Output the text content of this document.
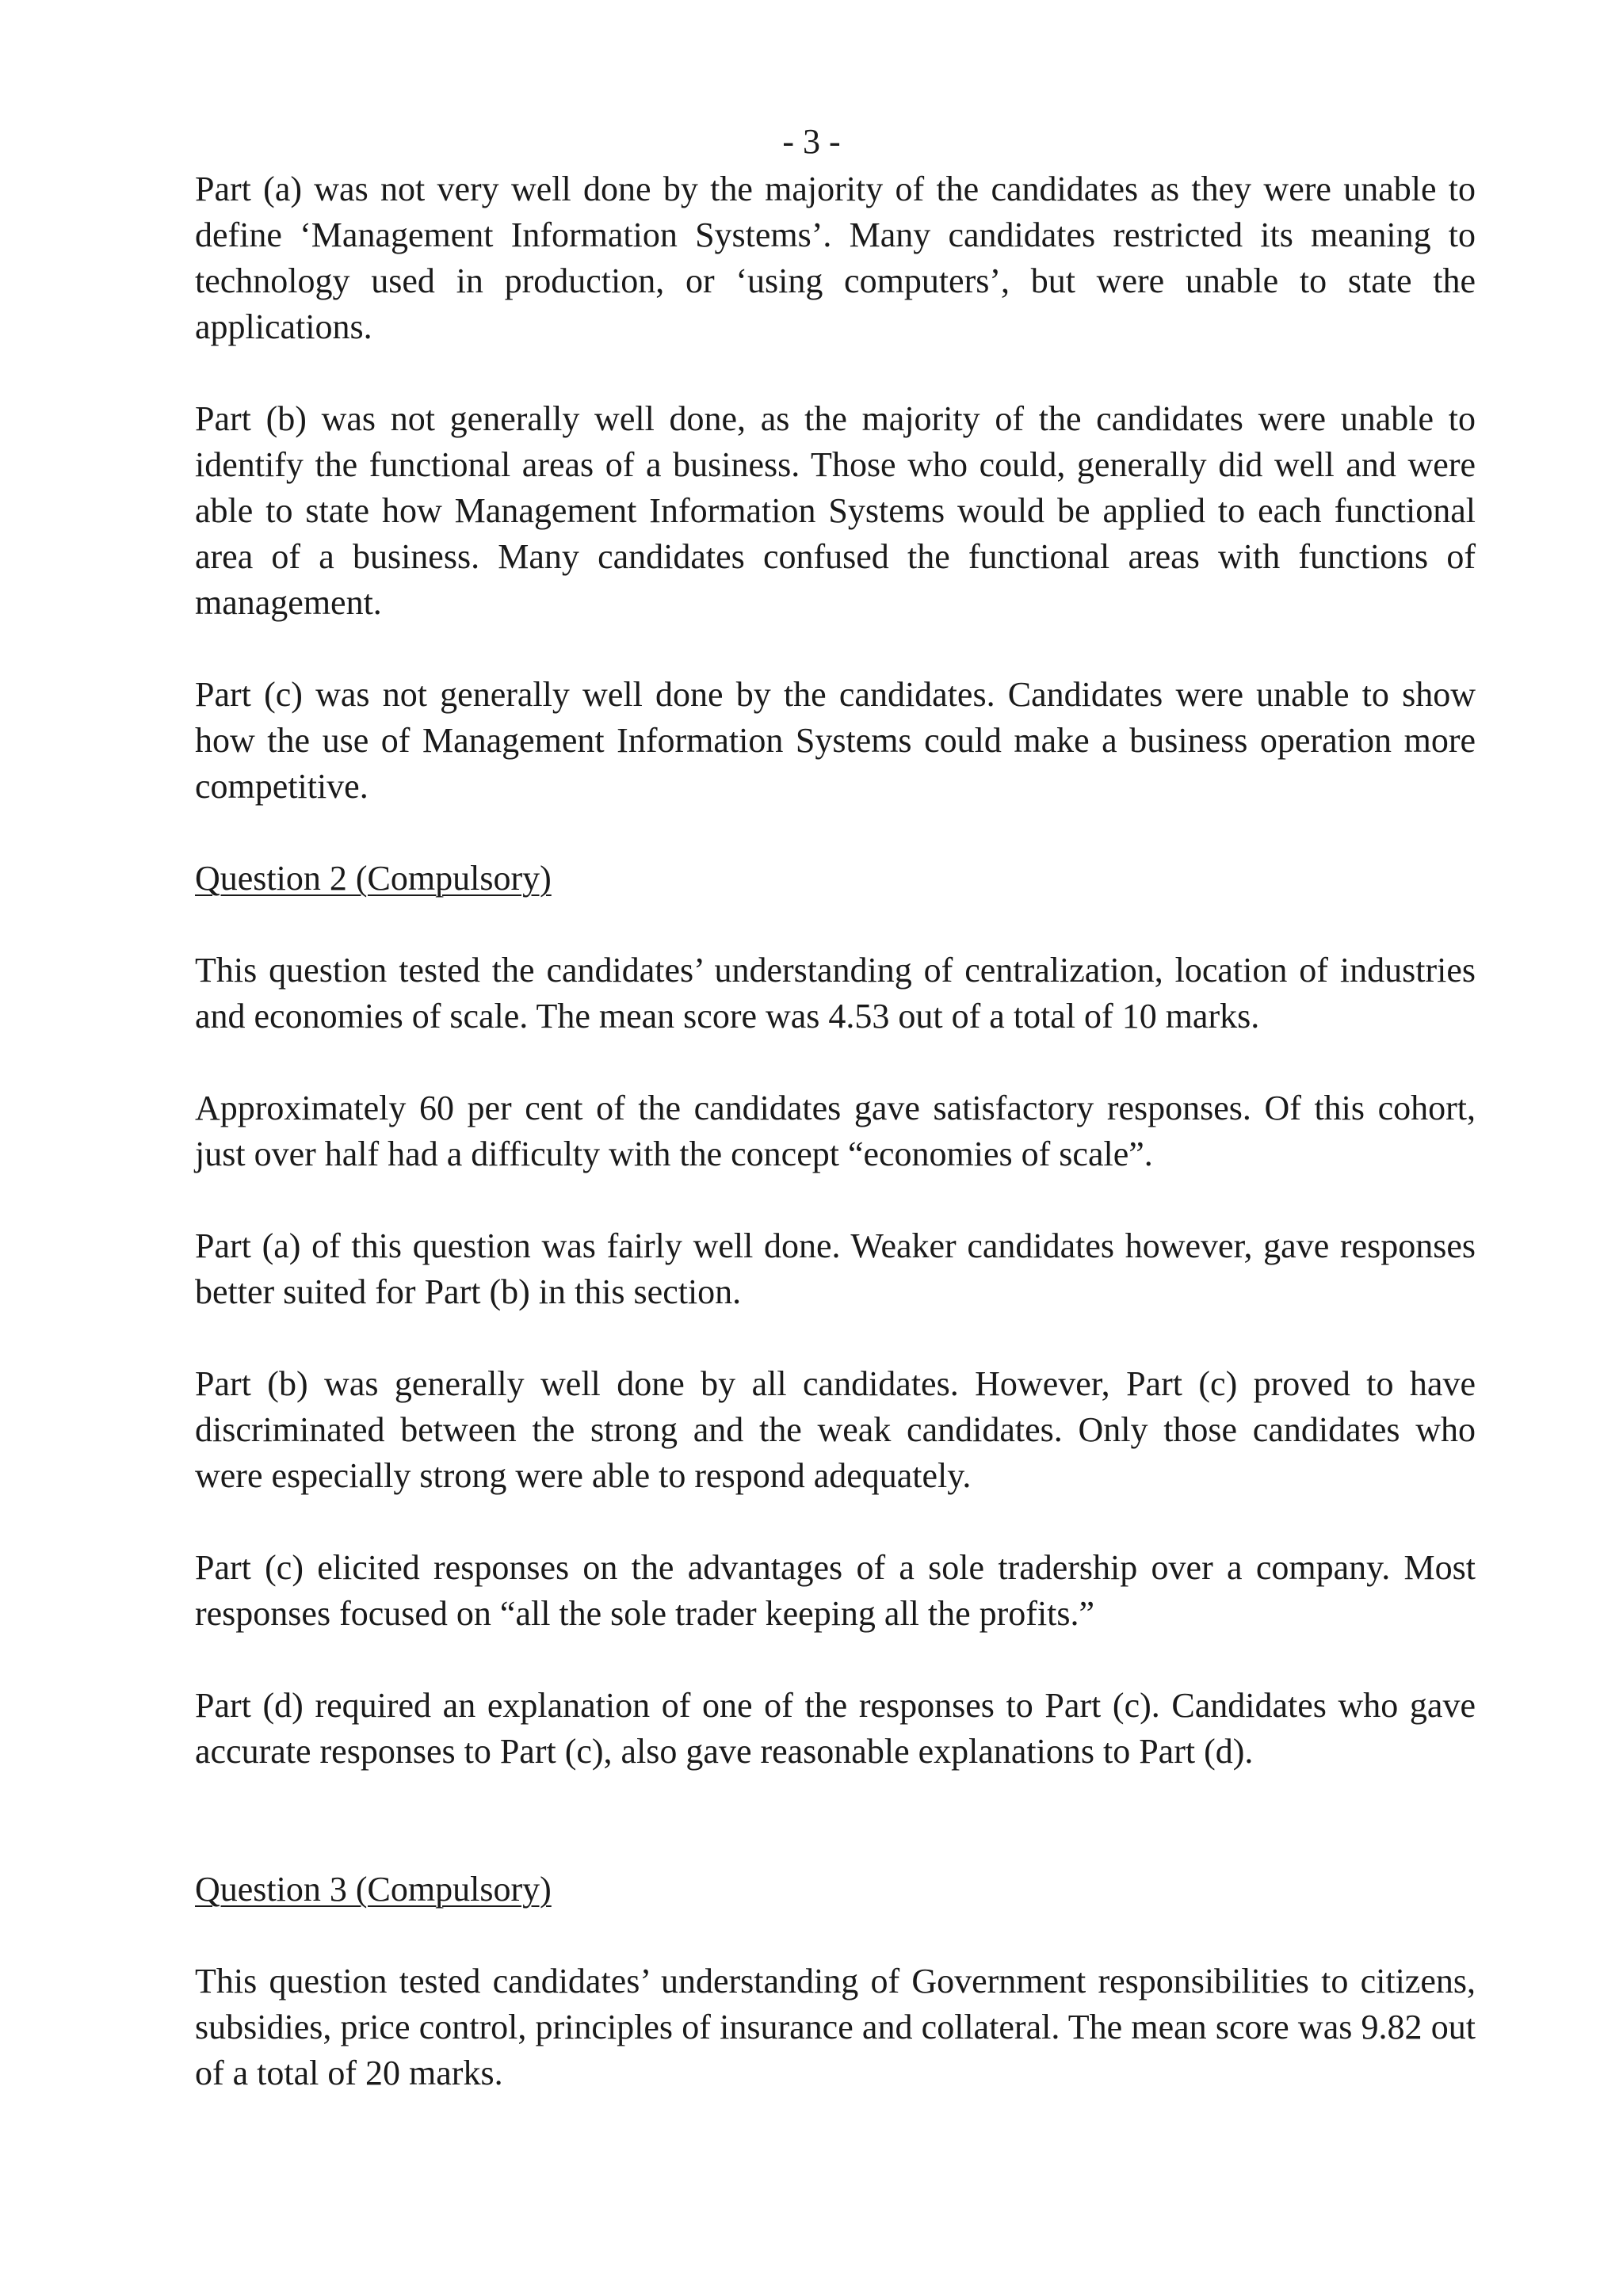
- 3 -

Part (a) was not very well done by the majority of the candidates as they were unable to define ‘Management Information Systems’. Many candidates restricted its meaning to technology used in production, or ‘using computers’, but were unable to state the applications.

Part (b) was not generally well done, as the majority of the candidates were unable to identify the functional areas of a business. Those who could, generally did well and were able to state how Management Information Systems would be applied to each functional area of a business. Many candidates confused the functional areas with functions of management.

Part (c) was not generally well done by the candidates. Candidates were unable to show how the use of Management Information Systems could make a business operation more competitive.

Question 2 (Compulsory)

This question tested the candidates’ understanding of centralization, location of industries and economies of scale. The mean score was 4.53 out of a total of 10 marks.

Approximately 60 per cent of the candidates gave satisfactory responses. Of this cohort, just over half had a difficulty with the concept “economies of scale”.

Part (a) of this question was fairly well done. Weaker candidates however, gave responses better suited for Part (b) in this section.

Part (b) was generally well done by all candidates. However, Part (c) proved to have discriminated between the strong and the weak candidates. Only those candidates who were especially strong were able to respond adequately.

Part (c) elicited responses on the advantages of a sole tradership over a company. Most responses focused on “all the sole trader keeping all the profits.”

Part (d) required an explanation of one of the responses to Part (c). Candidates who gave accurate responses to Part (c), also gave reasonable explanations to Part (d).

Question 3 (Compulsory)

This question tested candidates’ understanding of Government responsibilities to citizens, subsidies, price control, principles of insurance and collateral. The mean score was 9.82 out of a total of 20 marks.
